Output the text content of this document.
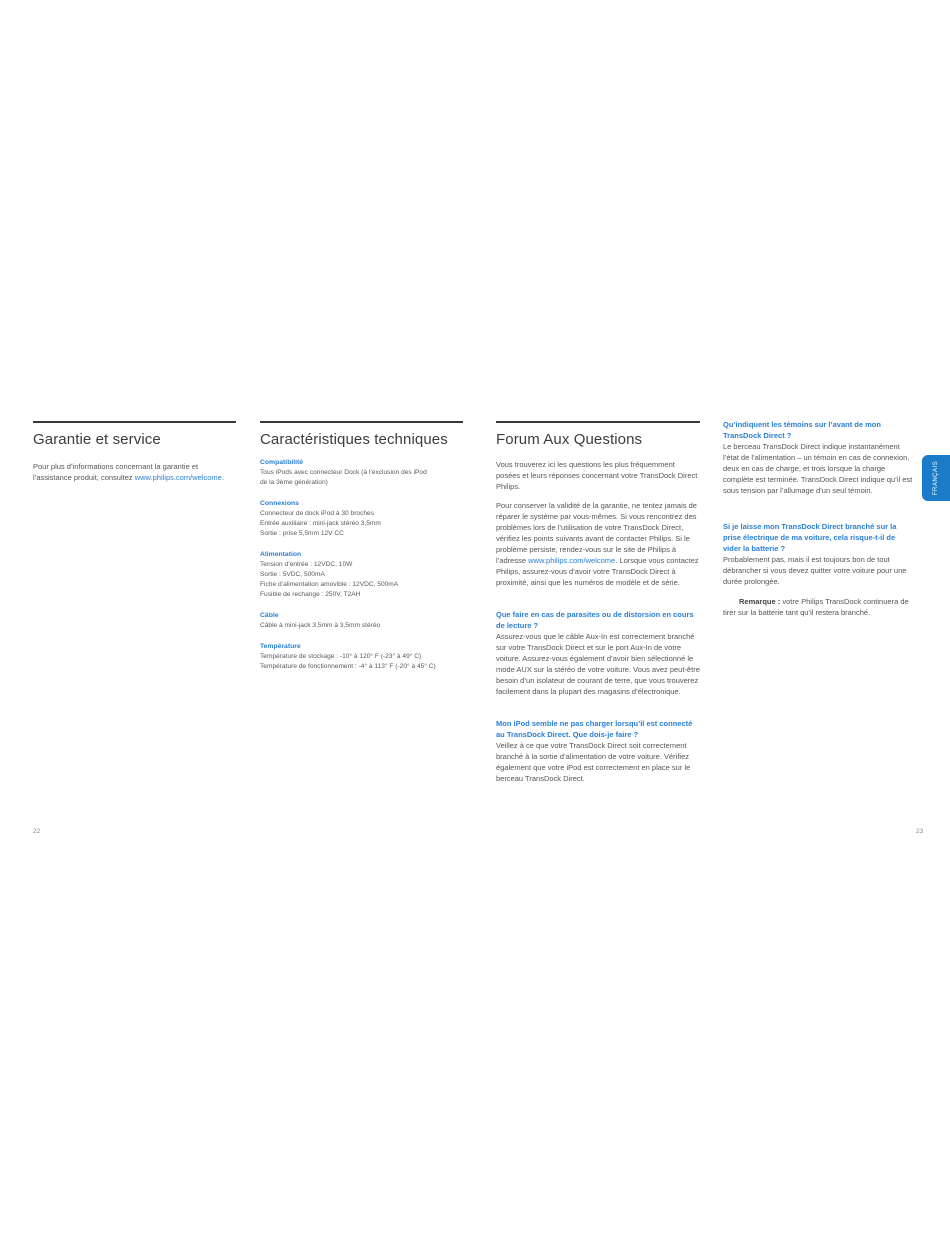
Garantie et service

Pour plus d’informations concernant la garantie et l’assistance produit, consultez www.philips.com/welcome.

Caractéristiques techniques
Compatibilité
Tous iPods avec connecteur Dock (à l’exclusion des iPod
de la 3ème génération)
Connexions
Connecteur de dock iPod à 30 broches
Entrée auxiliaire : mini-jack stéréo 3,5mm
Sortie : prise 5,5mm 12V CC
Alimentation
Tension d’entrée : 12VDC, 10W
Sortie : 5VDC, 500mA
Fiche d’alimentation amovible : 12VDC, 500mA
Fusible de rechange : 250V, T2AH
Câble
Câble à mini-jack 3,5mm à 3,5mm stéréo
Température
Température de stockage : -10° à 120° F (-23° à 49° C)
Température de fonctionnement : -4° à 113° F (-20° à 45° C)
Forum Aux Questions

Vous trouverez ici les questions les plus fréquemment posées et leurs réponses concernant votre TransDock Direct Philips.

Pour conserver la validité de la garantie, ne tentez jamais de réparer le système par vous-mêmes. Si vous rencontrez des problèmes lors de l’utilisation de votre TransDock Direct, vérifiez les points suivants avant de contacter Philips. Si le problème persiste, rendez-vous sur le site de Philips à l’adresse www.philips.com/welcome. Lorsque vous contactez Philips, assurez-vous d’avoir votre TransDock Direct à proximité, ainsi que les numéros de modèle et de série.

Que faire en cas de parasites ou de distorsion en cours de lecture ?

Assurez-vous que le câble Aux-In est correctement branché sur votre TransDock Direct et sur le port Aux-In de votre voiture. Assurez-vous également d’avoir bien sélectionné le mode AUX sur la stéréo de votre voiture. Vous avez peut-être besoin d’un isolateur de courant de terre, que vous trouverez facilement dans la plupart des magasins d’électronique.

Mon iPod semble ne pas charger lorsqu’il est connecté au TransDock Direct. Que dois-je faire ?

Veillez à ce que votre TransDock Direct soit correctement branché à la sortie d’alimentation de votre voiture. Vérifiez également que votre iPod est correctement en place sur le berceau TransDock Direct.

Qu’indiquent les témoins sur l’avant de mon TransDock Direct ?

Le berceau TransDock Direct indique instantanément l’état de l’alimentation – un témoin en cas de connexion, deux en cas de charge, et trois lorsque la charge complète est terminée. TransDock Direct indique qu’il est sous tension par l’allumage d’un seul témoin.

Si je laisse mon TransDock Direct branché sur la prise électrique de ma voiture, cela risque-t-il de vider la batterie ?

Probablement pas, mais il est toujours bon de tout débrancher si vous devez quitter votre voiture pour une durée prolongée.

Remarque : votre Philips TransDock continuera de tirer sur la batterie tant qu’il restera branché.

FRANÇAIS
22	23
